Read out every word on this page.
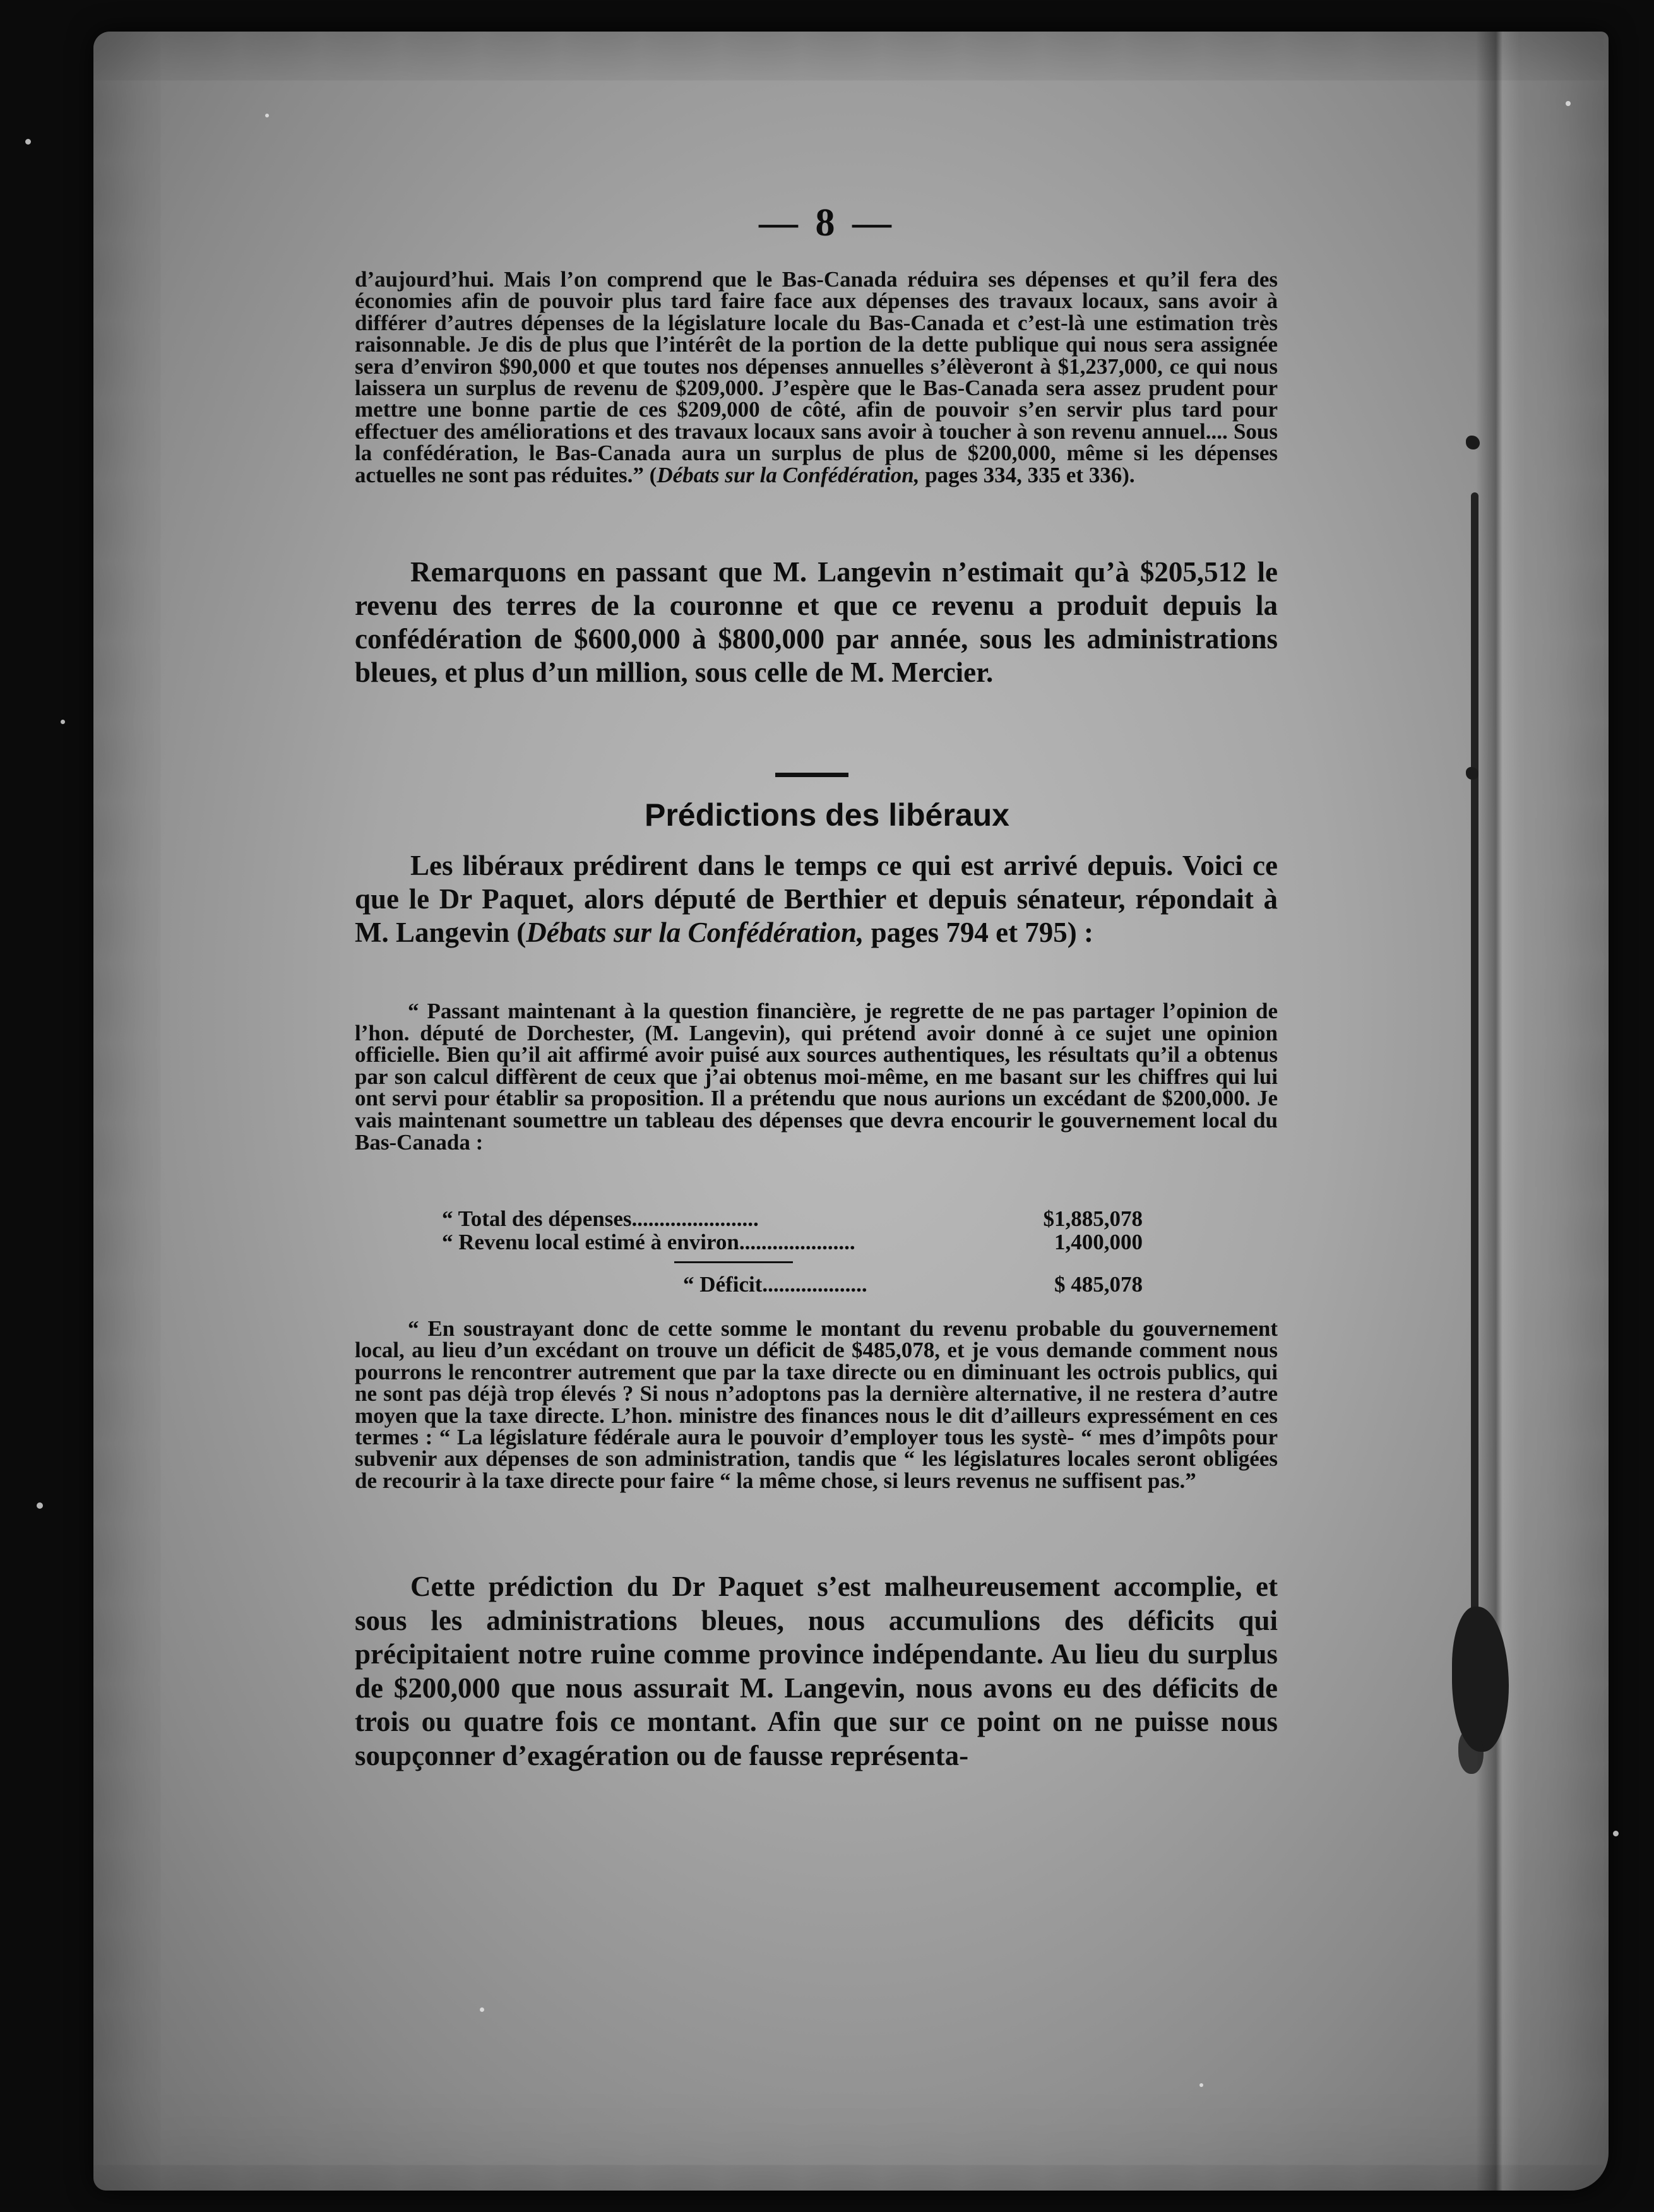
— 8 —

d’aujourd’hui. Mais l’on comprend que le Bas-Canada réduira ses dépenses et qu’il fera des économies afin de pouvoir plus tard faire face aux dépenses des travaux locaux, sans avoir à différer d’autres dépenses de la législature locale du Bas-Canada et c’est-là une estimation très raisonnable. Je dis de plus que l’intérêt de la portion de la dette publique qui nous sera assignée sera d’environ $90,000 et que toutes nos dépenses annuelles s’élèveront à $1,237,000, ce qui nous laissera un surplus de revenu de $209,000. J’espère que le Bas-Canada sera assez prudent pour mettre une bonne partie de ces $209,000 de côté, afin de pouvoir s’en servir plus tard pour effectuer des améliorations et des travaux locaux sans avoir à toucher à son revenu annuel.... Sous la confédération, le Bas-Canada aura un surplus de plus de $200,000, même si les dépenses actuelles ne sont pas réduites.” (Débats sur la Confédération, pages 334, 335 et 336).

Remarquons en passant que M. Langevin n’estimait qu’à $205,512 le revenu des terres de la couronne et que ce revenu a produit depuis la confédération de $600,000 à $800,000 par année, sous les administrations bleues, et plus d’un million, sous celle de M. Mercier.

Prédictions des libéraux

Les libéraux prédirent dans le temps ce qui est arrivé depuis. Voici ce que le Dr Paquet, alors député de Berthier et depuis sénateur, répondait à M. Langevin (Débats sur la Confédération, pages 794 et 795) :

“ Passant maintenant à la question financière, je regrette de ne pas partager l’opinion de l’hon. député de Dorchester, (M. Langevin), qui prétend avoir donné à ce sujet une opinion officielle. Bien qu’il ait affirmé avoir puisé aux sources authentiques, les résultats qu’il a obtenus par son calcul diffèrent de ceux que j’ai obtenus moi-même, en me basant sur les chiffres qui lui ont servi pour établir sa proposition. Il a prétendu que nous aurions un excédant de $200,000. Je vais maintenant soumettre un tableau des dépenses que devra encourir le gouvernement local du Bas-Canada :

“ Total des dépenses.......................	$1,885,078
“ Revenu local estimé à environ.....................	1,400,000
“ Déficit...................	$ 485,078

“ En soustrayant donc de cette somme le montant du revenu probable du gouvernement local, au lieu d’un excédant on trouve un déficit de $485,078, et je vous demande comment nous pourrons le rencontrer autrement que par la taxe directe ou en diminuant les octrois publics, qui ne sont pas déjà trop élevés ? Si nous n’adoptons pas la dernière alternative, il ne restera d’autre moyen que la taxe directe. L’hon. ministre des finances nous le dit d’ailleurs expressément en ces termes : “ La législature fédérale aura le pouvoir d’employer tous les systè- “ mes d’impôts pour subvenir aux dépenses de son administration, tandis que “ les législatures locales seront obligées de recourir à la taxe directe pour faire “ la même chose, si leurs revenus ne suffisent pas.”

Cette prédiction du Dr Paquet s’est malheureusement accomplie, et sous les administrations bleues, nous accumulions des déficits qui précipitaient notre ruine comme province indépendante. Au lieu du surplus de $200,000 que nous assurait M. Langevin, nous avons eu des déficits de trois ou quatre fois ce montant. Afin que sur ce point on ne puisse nous soupçonner d’exagération ou de fausse représenta-
